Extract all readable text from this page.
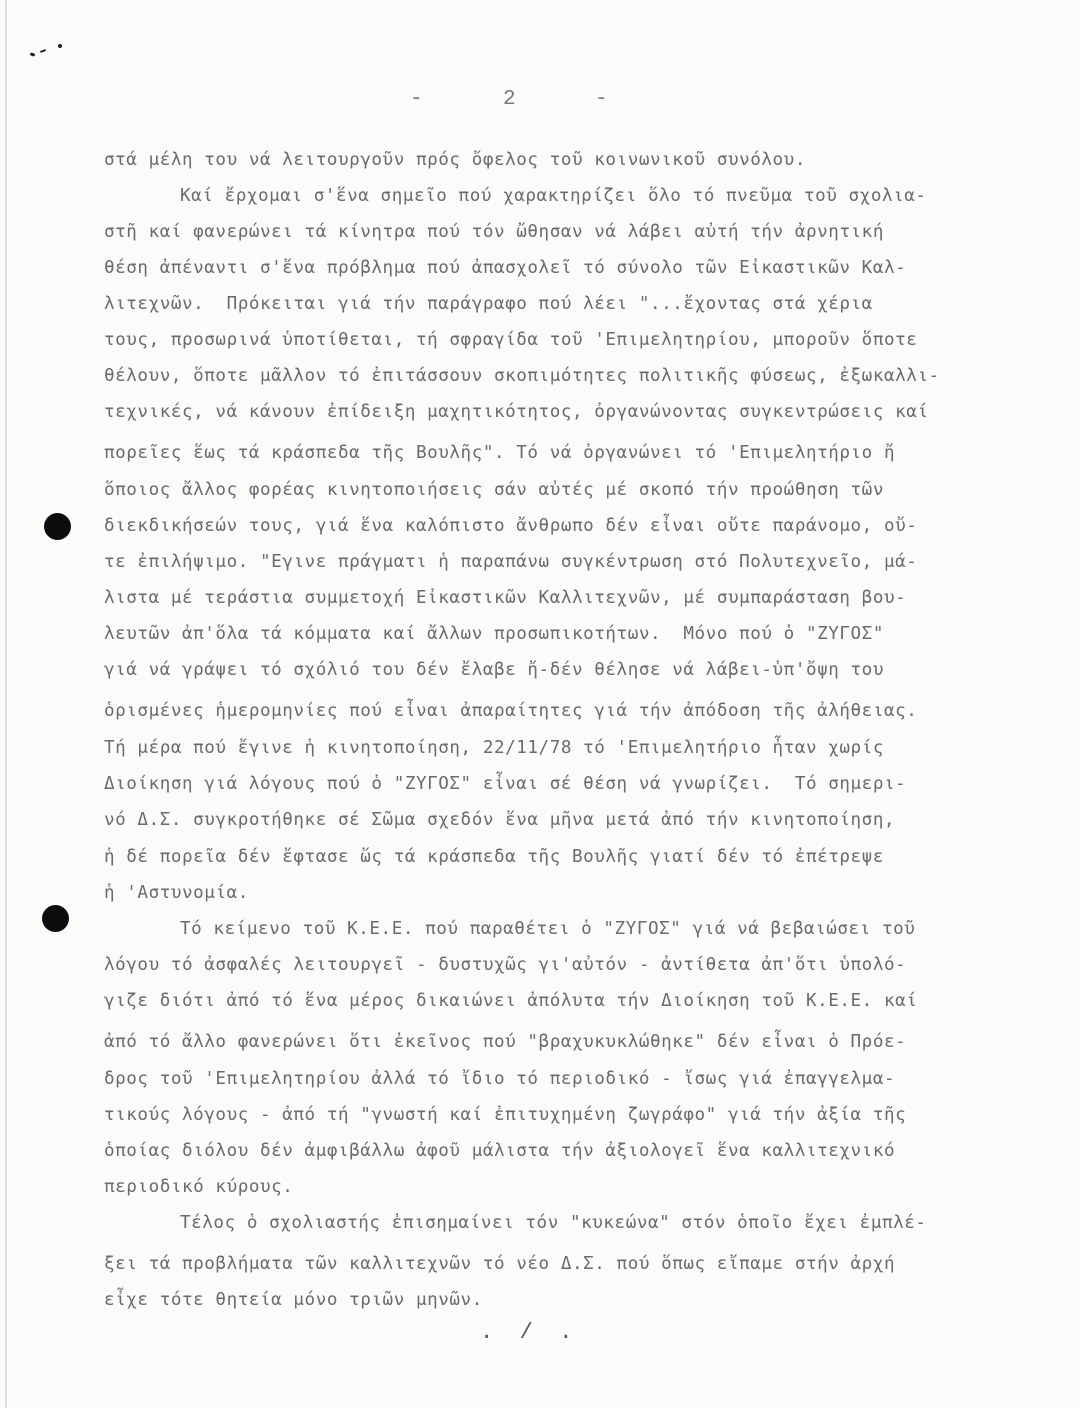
-	2	-
στά μέλη του νά λειτουργοῦν πρός ὄφελος τοῦ κοινωνικοῦ συνόλου.
Καί ἔρχομαι σ'ἕνα σημεῖο πού χαρακτηρίζει ὅλο τό πνεῦμα τοῦ σχολια-
στῆ καί φανερώνει τά κίνητρα πού τόν ὤθησαν νά λάβει αὐτή τήν ἀρνητική
θέση ἀπέναντι σ'ἕνα πρόβλημα πού ἀπασχολεῖ τό σύνολο τῶν Εἰκαστικῶν Καλ-
λιτεχνῶν.  Πρόκειται γιά τήν παράγραφο πού λέει "...ἔχοντας στά χέρια
τους, προσωρινά ὑποτίθεται, τή σφραγίδα τοῦ 'Επιμελητηρίου, μποροῦν ὅποτε
θέλουν, ὅποτε μᾶλλον τό ἐπιτάσσουν σκοπιμότητες πολιτικῆς φύσεως, ἐξωκαλλι-
τεχνικές, νά κάνουν ἐπίδειξη μαχητικότητος, ὀργανώνοντας συγκεντρώσεις καί
πορεῖες ἕως τά κράσπεδα τῆς Βουλῆς". Τό νά ὀργανώνει τό 'Επιμελητήριο ἤ
ὅποιος ἄλλος φορέας κινητοποιήσεις σάν αὐτές μέ σκοπό τήν προώθηση τῶν
διεκδικήσεών τους, γιά ἕνα καλόπιστο ἄνθρωπο δέν εἶναι οὔτε παράνομο, οὔ-
τε ἐπιλήψιμο. "Εγινε πράγματι ἡ παραπάνω συγκέντρωση στό Πολυτεχνεῖο, μά-
λιστα μέ τεράστια συμμετοχή Εἰκαστικῶν Καλλιτεχνῶν, μέ συμπαράσταση βου-
λευτῶν ἀπ'ὅλα τά κόμματα καί ἄλλων προσωπικοτήτων.  Μόνο πού ὁ "ΖΥΓΟΣ"
γιά νά γράψει τό σχόλιό του δέν ἔλαβε ἤ-δέν θέλησε νά λάβει-ὑπ'ὄψη του
ὁρισμένες ἡμερομηνίες πού εἶναι ἀπαραίτητες γιά τήν ἀπόδοση τῆς ἀλήθειας.
Τή μέρα πού ἔγινε ἡ κινητοποίηση, 22/11/78 τό 'Επιμελητήριο ἦταν χωρίς
Διοίκηση γιά λόγους πού ὁ "ΖΥΓΟΣ" εἶναι σέ θέση νά γνωρίζει.  Τό σημερι-
νό Δ.Σ. συγκροτήθηκε σέ Σῶμα σχεδόν ἕνα μῆνα μετά ἀπό τήν κινητοποίηση,
ἡ δέ πορεῖα δέν ἔφτασε ὥς τά κράσπεδα τῆς Βουλῆς γιατί δέν τό ἐπέτρεψε
ἡ 'Αστυνομία.
Τό κείμενο τοῦ Κ.Ε.Ε. πού παραθέτει ὁ "ΖΥΓΟΣ" γιά νά βεβαιώσει τοῦ
λόγου τό ἀσφαλές λειτουργεῖ - δυστυχῶς γι'αὐτόν - ἀντίθετα ἀπ'ὅτι ὑπολό-
γιζε διότι ἀπό τό ἕνα μέρος δικαιώνει ἀπόλυτα τήν Διοίκηση τοῦ Κ.Ε.Ε. καί
ἀπό τό ἄλλο φανερώνει ὅτι ἐκεῖνος πού "βραχυκυκλώθηκε" δέν εἶναι ὁ Πρόε-
δρος τοῦ 'Επιμελητηρίου ἀλλά τό ἴδιο τό περιοδικό - ἴσως γιά ἐπαγγελμα-
τικούς λόγους - ἀπό τή "γνωστή καί ἐπιτυχημένη ζωγράφο" γιά τήν ἀξία τῆς
ὁποίας διόλου δέν ἀμφιβάλλω ἀφοῦ μάλιστα τήν ἀξιολογεῖ ἕνα καλλιτεχνικό
περιοδικό κύρους.
Τέλος ὁ σχολιαστής ἐπισημαίνει τόν "κυκεώνα" στόν ὁποῖο ἔχει ἐμπλέ-
ξει τά προβλήματα τῶν καλλιτεχνῶν τό νέο Δ.Σ. πού ὅπως εἴπαμε στήν ἀρχή
εἶχε τότε θητεία μόνο τριῶν μηνῶν.
.  /  .
